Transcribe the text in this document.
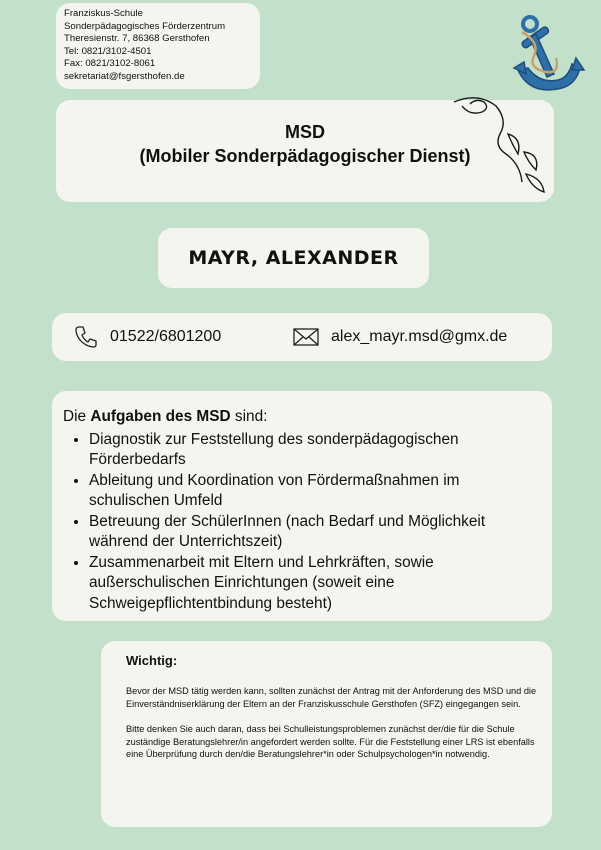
Franziskus-Schule
Sonderpädagogisches Förderzentrum
Theresienstr. 7, 86368 Gersthofen
Tel: 0821/3102-4501
Fax: 0821/3102-8061
sekretariat@fsgersthofen.de
MSD
(Mobiler Sonderpädagogischer Dienst)
MAYR, ALEXANDER
01522/6801200	alex_mayr.msd@gmx.de
Die Aufgaben des MSD sind:
• Diagnostik zur Feststellung des sonderpädagogischen Förderbedarfs
• Ableitung und Koordination von Fördermaßnahmen im schulischen Umfeld
• Betreuung der SchülerInnen (nach Bedarf und Möglichkeit während der Unterrichtszeit)
• Zusammenarbeit mit Eltern und Lehrkräften, sowie außerschulischen Einrichtungen (soweit eine Schweigepflichtentbindung besteht)
Wichtig:

Bevor der MSD tätig werden kann, sollten zunächst der Antrag mit der Anforderung des MSD und die Einverständniserklärung der Eltern an der Franziskusschule Gersthofen (SFZ) eingegangen sein.

Bitte denken Sie auch daran, dass bei Schulleistungsproblemen zunächst der/die für die Schule zuständige Beratungslehrer/in angefordert werden sollte. Für die Feststellung einer LRS ist ebenfalls eine Überprüfung durch den/die Beratungslehrer*in oder Schulpsychologen*in notwendig.
